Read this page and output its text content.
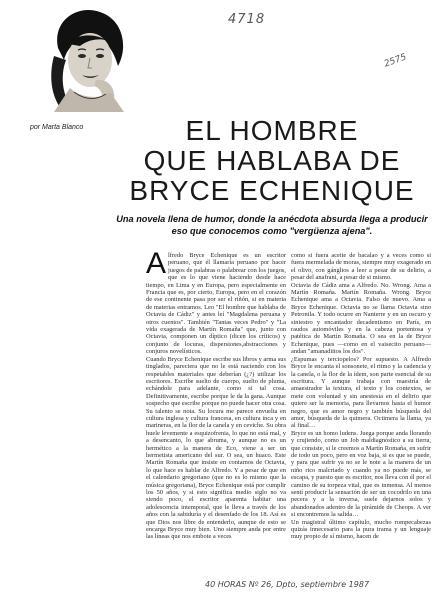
4718
2575
por Marta Blanco	EL HOMBRE
QUE HABLABA DE
BRYCE ECHENIQUE

Una novela llena de humor, donde la anécdota absurda llega a producir eso que conocemos como "vergüenza ajena".

Alfredo Bryce Echenique es un escritor peruano, que él llamaría peruano por hacer juegos de palabras o palabrear con los juegos, que es lo que viene haciendo desde hace tiempo, en Lima y en Europa, pero especialmente en Francia que es, por cierto, Europa, pero en el corazón de ese continente pasa por ser el riñón, si en materia de materias entramos. Leo "El hombre que hablaba de Octavia de Cádiz" y antes leí "Magdalena peruana y otros cuentos". También "Tantas veces Pedro" y "La vida exagerada de Martín Romaña" que, junto con Octavia, componen un díptico (dicen los críticos) y conjunto de locuras, dispersiones,abstracciones y conjuros novelísticos.

Cuando Bryce Echenique escribe sus libros y arma sus tinglados, pareciera que no le está naciendo con los respetables materiales que deberían (¿?) utilizar los escritores. Escribe suelto de cuerpo, suelto de pluma, echándole para adelante, como si tal cosa. Definitivamente, escribe porque le da la gana. Aunque sospecho que escribe porque no puede hacer otra cosa. Su talento se nota. Su locura me parece envuelta en cultura inglesa y cultura francesa, en cultura inca y en marineras, en la flor de la canela y en ceviche. Su obra huele levemente a esquizofrenia, lo que no está mal, y a desencanto, lo que abruma, y aunque no es un hermético a la manera de Eco, viene a ser un hermetista americano del sur. O sea, un huaco. Este Martín Romaña que insiste en contarnos de Octavia, lo que hace es hablar de Alfredo. Y a pesar de que en el calendario gregoriano (que no es lo mismo que la música gregoriana), Bryce Echenique está por cumplir los 50 años, y si esto significa medio siglo no va siendo poco, el escritor aparenta habitar una adolescencia intemporal, que le lleva a través de los años con la sabiduría y el desenfado de los 18. Así es que Dios nos libre de entenderlo, aunque de esto se encarga Bryce muy bien. Uno siempre anda por entre las líneas que nos embote a veces

como si fuera aceite de bacalao y a veces como si fuera mermelada de moras, siempre muy exagerado en el olivo, con gánglios a leer a pesar de su delirio, a pesar del anafrani, a pesar de si mismo.

Octavia de Cádiz ama a Alfredo. No. Wrong. Ama a Martín Romaña. Martín Romaña. Wrong. Bryce Echenique ama a Octavia. Falso de nuevo. Ama a Bryce Echenique. Octavia no se llama Octavia sino Petronila. Y todo ocurre en Nanterre y en un oscuro y siniestro y encantador decadentismo en París, en raudos automóviles y en la cabeza portentosa y patética de Martín Romaña. O sea en la de Bryce Echenique, pues —como en el vaisecito peruano— andan "amanadiitos los dos".

¿Espumas y terciopelos? Por supuesto. A Alfredo Bryce le encanta el sonsonete, el ritmo y la cadencia y la canela, o la flor de la ídem, son parte esencial de su escritura. Y aunque trabaja con maestría de amaestrador la textura, el texto y los contextos, se mete con voluntad y sin anestesia en el delirio que quiere ser la memoria, para llevarnos hasta el humor negro, que es amor negro y también búsqueda del amor, búsqueda de la quimera. Octimera la llama, ya al final…

Bryce es un homo ludens. Juega porque anda llorando y crujiendo, como un Job maldiagnóstico a su tierra, que consiste, si le creemos a Martín Romaña, en sufrir de todo un poco, pero en voz baja, si es que se puede, y para que sufrir ya no se le note a la manera de un niño rico malcriado y cuando ya no puede más, se escapa, y puesto que es escritor, nos lleva con él por el camino de su torpeza vital, que es inmensa. Al menos sentí producir la sensación de ser un cocodrilo en una pecera y a la inversa, suele dejarnos solos y abandonados adentro de la pirámide de Cheops. A ver si encontremos la salida…

Un magistral último capítulo, mucho rompecabezas quizás innecesario para la pura trama y un lenguaje muy propio de sí mismo, hacen de

40 HORAS Nº 26, Dpto, septiembre 1987
